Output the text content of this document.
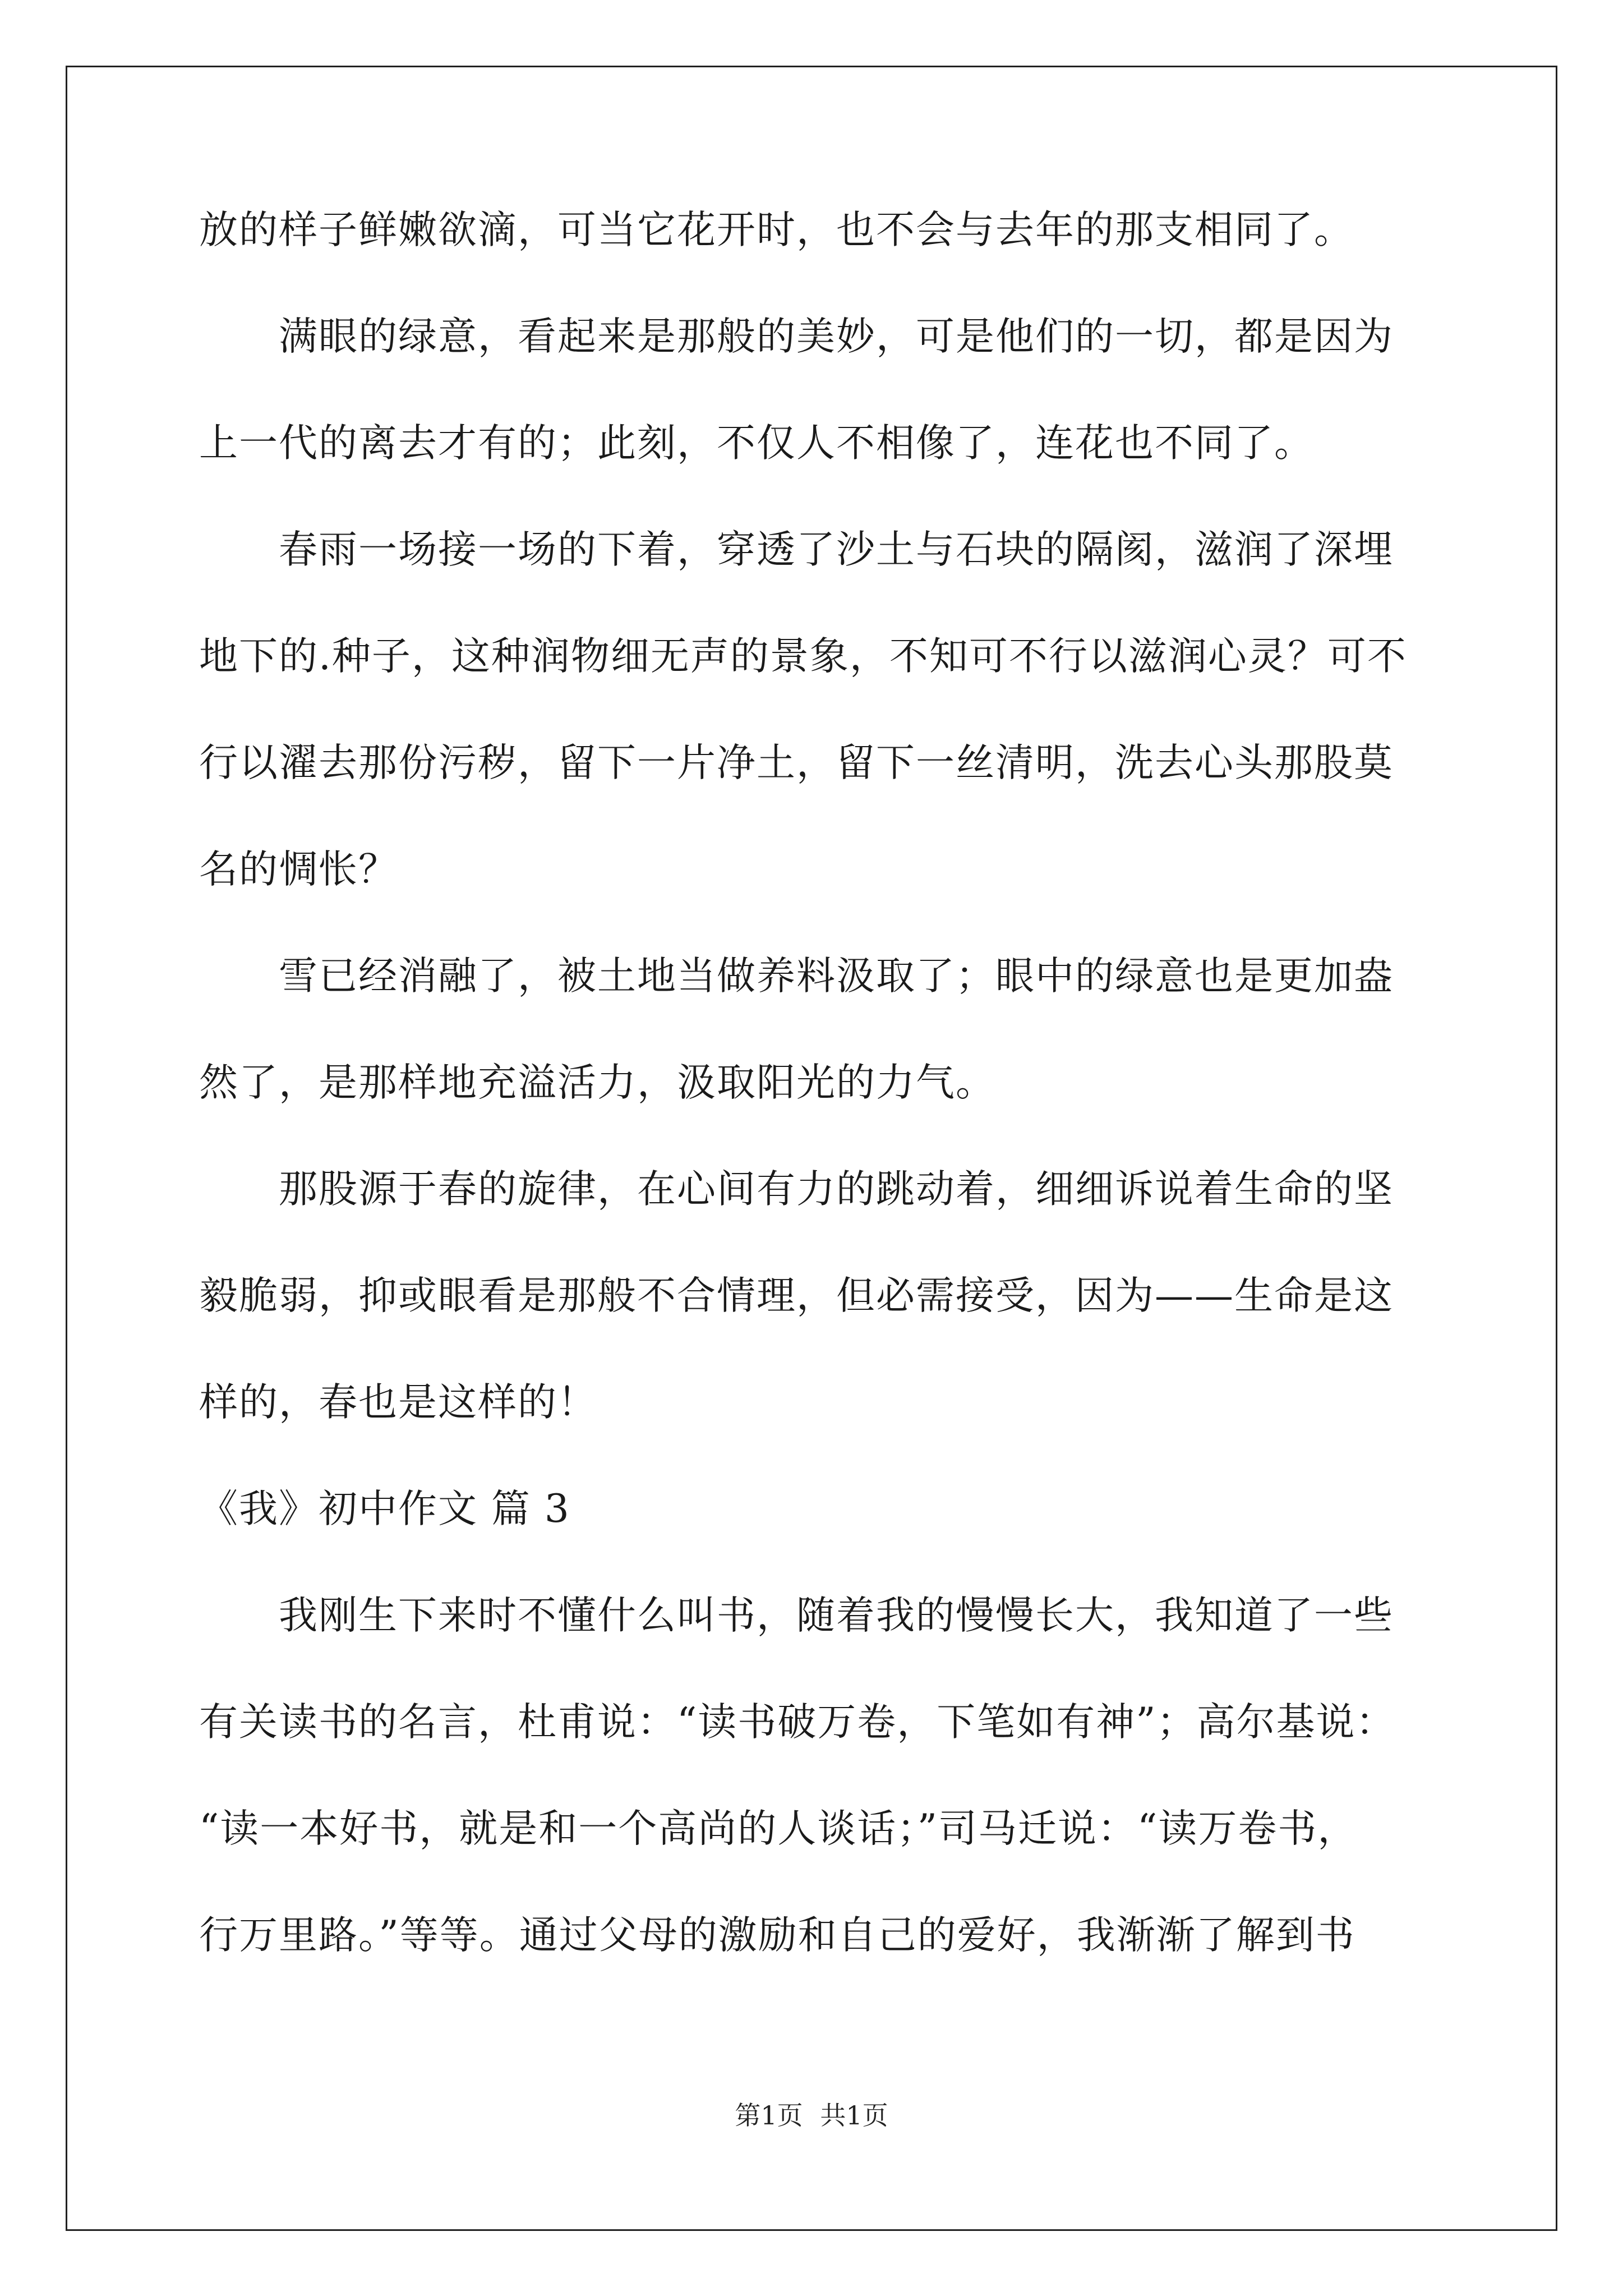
放的样子鲜嫩欲滴，可当它花开时，也不会与去年的那支相同了。
　　满眼的绿意，看起来是那般的美妙，可是他们的一切，都是因为
上一代的离去才有的；此刻，不仅人不相像了，连花也不同了。
　　春雨一场接一场的下着，穿透了沙土与石块的隔阂，滋润了深埋
地下的.种子，这种润物细无声的景象，不知可不行以滋润心灵？可不
行以濯去那份污秽，留下一片净土，留下一丝清明，洗去心头那股莫
名的惆怅？
　　雪已经消融了，被土地当做养料汲取了；眼中的绿意也是更加盎
然了，是那样地充溢活力，汲取阳光的力气。
　　那股源于春的旋律，在心间有力的跳动着，细细诉说着生命的坚
毅脆弱，抑或眼看是那般不合情理，但必需接受，因为——生命是这
样的，春也是这样的！
《我》初中作文 篇 3
　　我刚生下来时不懂什么叫书，随着我的慢慢长大，我知道了一些
有关读书的名言，杜甫说：“读书破万卷，下笔如有神”；高尔基说：
“读一本好书，就是和一个高尚的人谈话；”司马迁说：“读万卷书，
行万里路。”等等。通过父母的激励和自己的爱好，我渐渐了解到书
第1页 共1页
